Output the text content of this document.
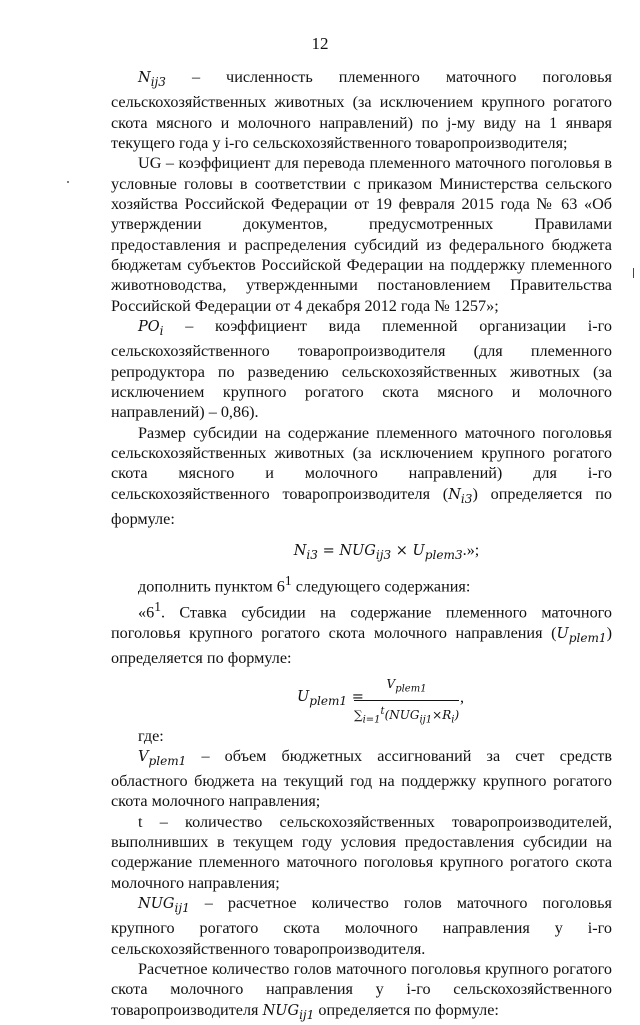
12

$N_{ij3}$ – численность племенного маточного поголовья сельскохозяйственных животных (за исключением крупного рогатого скота мясного и молочного направлений) по j-му виду на 1 января текущего года у i-го сельскохозяйственного товаропроизводителя;

UG – коэффициент для перевода племенного маточного поголовья в условные головы в соответствии с приказом Министерства сельского хозяйства Российской Федерации от 19 февраля 2015 года № 63 «Об утверждении документов, предусмотренных Правилами предоставления и распределения субсидий из федерального бюджета бюджетам субъектов Российской Федерации на поддержку племенного животноводства, утвержденными постановлением Правительства Российской Федерации от 4 декабря 2012 года № 1257»;

$PO_i$ – коэффициент вида племенной организации i-го сельскохозяйственного товаропроизводителя (для племенного репродуктора по разведению сельскохозяйственных животных (за исключением крупного рогатого скота мясного и молочного направлений) – 0,86).

Размер субсидии на содержание племенного маточного поголовья сельскохозяйственных животных (за исключением крупного рогатого скота мясного и молочного направлений) для i-го сельскохозяйственного товаропроизводителя $(N_{i3})$ определяется по формуле:

$N_{i3} = NUG_{ij3} \times U_{plem3}$.»;

дополнить пунктом $6^1$ следующего содержания:

«$6^1$. Ставка субсидии на содержание племенного маточного поголовья крупного рогатого скота молочного направления $(U_{plem1})$ определяется по формуле:

$U_{plem1}$ =
$V_{plem1}$
$\sum_{i=1}^t(NUG_{ij1}\times R_i)$
,

где:

$V_{plem1}$ – объем бюджетных ассигнований за счет средств областного бюджета на текущий год на поддержку крупного рогатого скота молочного направления;

t – количество сельскохозяйственных товаропроизводителей, выполнивших в текущем году условия предоставления субсидии на содержание племенного маточного поголовья крупного рогатого скота молочного направления;

$NUG_{ij1}$ – расчетное количество голов маточного поголовья крупного рогатого скота молочного направления у i-го сельскохозяйственного товаропроизводителя.

Расчетное количество голов маточного поголовья крупного рогатого скота молочного направления у i-го сельскохозяйственного товаропроизводителя $NUG_{ij1}$ определяется по формуле:
